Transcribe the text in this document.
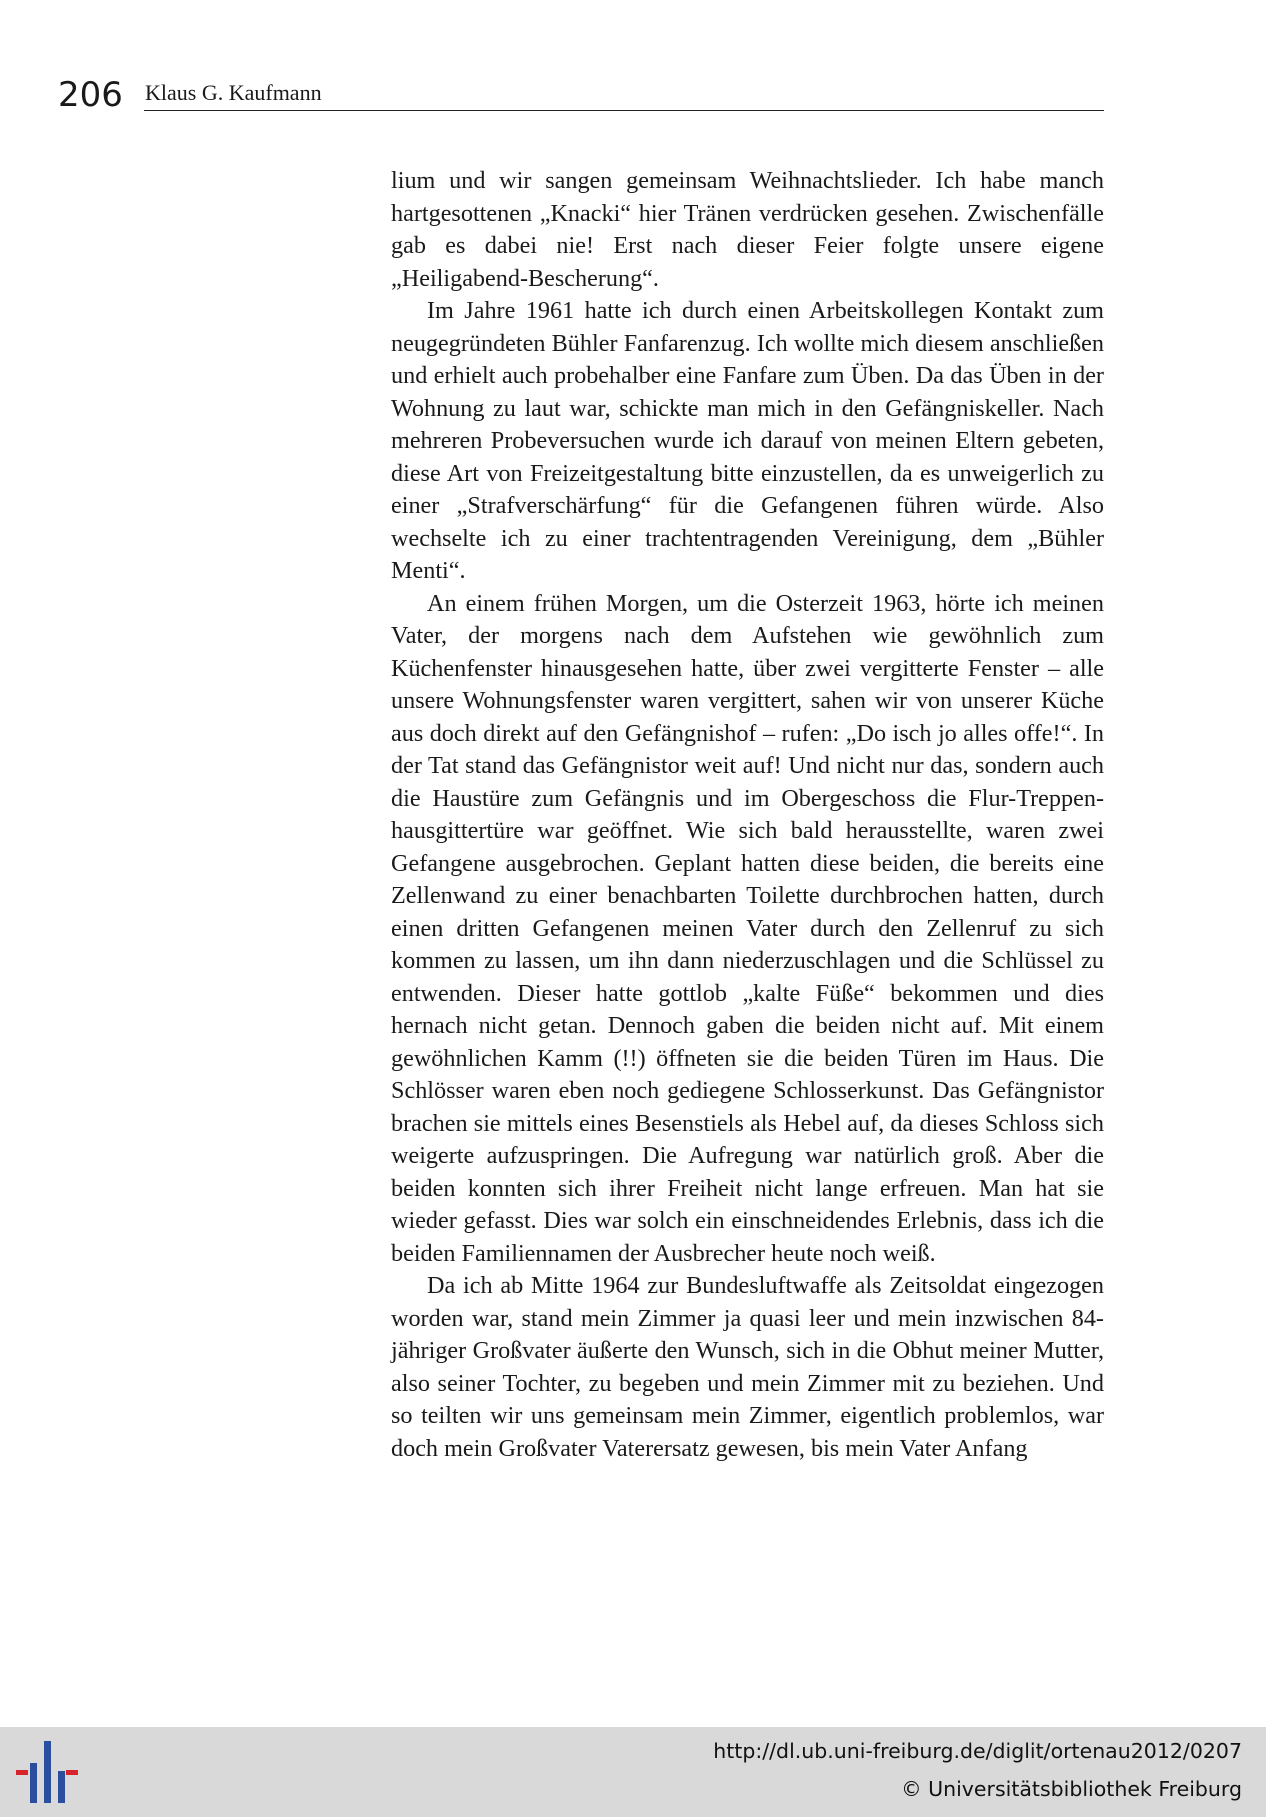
206 Klaus G. Kaufmann

lium und wir sangen gemeinsam Weihnachtslieder. Ich habe manch hartgesottenen „Knacki“ hier Tränen verdrücken gesehen. Zwischenfälle gab es dabei nie! Erst nach dieser Feier folgte unsere eigene „Heiligabend-Bescherung“.

Im Jahre 1961 hatte ich durch einen Arbeitskollegen Kontakt zum neugegründeten Bühler Fanfarenzug. Ich wollte mich diesem anschließen und erhielt auch probehalber eine Fanfare zum Üben. Da das Üben in der Wohnung zu laut war, schickte man mich in den Gefängniskeller. Nach mehreren Probeversuchen wurde ich darauf von meinen Eltern gebeten, diese Art von Freizeitgestaltung bitte einzustellen, da es unweigerlich zu einer „Strafverschärfung“ für die Gefangenen führen würde. Also wechselte ich zu einer trachtentragenden Vereinigung, dem „Bühler Menti“.

An einem frühen Morgen, um die Osterzeit 1963, hörte ich meinen Vater, der morgens nach dem Aufstehen wie gewöhnlich zum Küchenfenster hinausgesehen hatte, über zwei vergitterte Fenster – alle unsere Wohnungsfenster waren vergittert, sahen wir von unserer Küche aus doch direkt auf den Gefängnishof – rufen: „Do isch jo alles offe!“. In der Tat stand das Gefängnistor weit auf! Und nicht nur das, sondern auch die Haustüre zum Gefängnis und im Obergeschoss die Flur-Treppenhausgittertüre war geöffnet. Wie sich bald herausstellte, waren zwei Gefangene ausgebrochen. Geplant hatten diese beiden, die bereits eine Zellenwand zu einer benachbarten Toilette durchbrochen hatten, durch einen dritten Gefangenen meinen Vater durch den Zellenruf zu sich kommen zu lassen, um ihn dann niederzuschlagen und die Schlüssel zu entwenden. Dieser hatte gottlob „kalte Füße“ bekommen und dies hernach nicht getan. Dennoch gaben die beiden nicht auf. Mit einem gewöhnlichen Kamm (!!) öffneten sie die beiden Türen im Haus. Die Schlösser waren eben noch gediegene Schlosserkunst. Das Gefängnistor brachen sie mittels eines Besenstiels als Hebel auf, da dieses Schloss sich weigerte aufzuspringen. Die Aufregung war natürlich groß. Aber die beiden konnten sich ihrer Freiheit nicht lange erfreuen. Man hat sie wieder gefasst. Dies war solch ein einschneidendes Erlebnis, dass ich die beiden Familiennamen der Ausbrecher heute noch weiß.

Da ich ab Mitte 1964 zur Bundesluftwaffe als Zeitsoldat eingezogen worden war, stand mein Zimmer ja quasi leer und mein inzwischen 84-jähriger Großvater äußerte den Wunsch, sich in die Obhut meiner Mutter, also seiner Tochter, zu begeben und mein Zimmer mit zu beziehen. Und so teilten wir uns gemeinsam mein Zimmer, eigentlich problemlos, war doch mein Großvater Vaterersatz gewesen, bis mein Vater Anfang

http://dl.ub.uni-freiburg.de/diglit/ortenau2012/0207
© Universitätsbibliothek Freiburg
